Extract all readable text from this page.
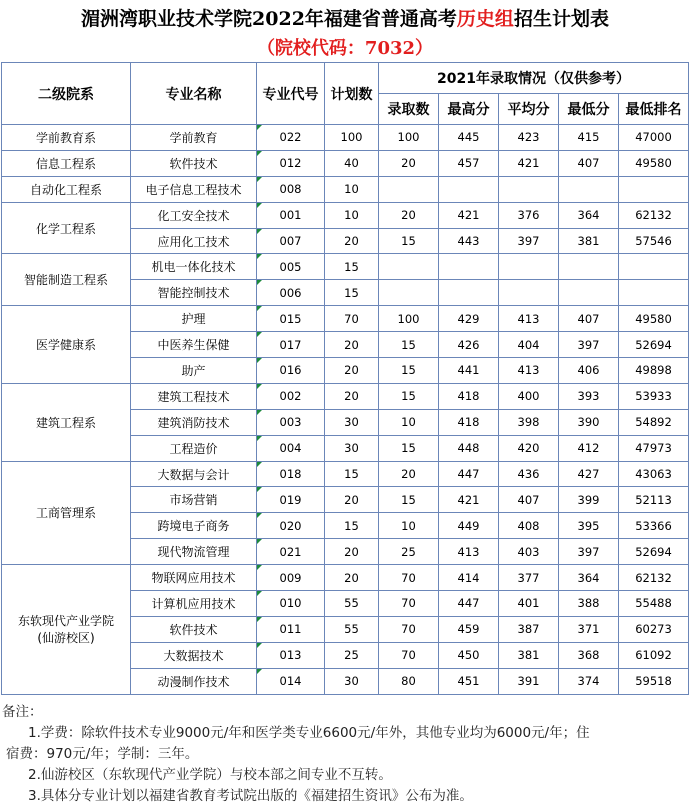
湄洲湾职业技术学院2022年福建省普通高考历史组招生计划表
（院校代码：7032）
二级院系	专业名称	专业代号	计划数	2021年录取情况（仅供参考）				
				录取数	最高分	平均分	最低分	最低排名

学前教育系	学前教育	022	100	100	445	423	415	47000

信息工程系	软件技术	012	40	20	457	421	407	49580

自动化工程系	电子信息工程技术	008	10					

化学工程系	化工安全技术	001	10	20	421	376	364	62132
	应用化工技术	007	20	15	443	397	381	57546

智能制造工程系	机电一体化技术	005	15					
	智能控制技术	006	15					

医学健康系	护理	015	70	100	429	413	407	49580
	中医养生保健	017	20	15	426	404	397	52694
	助产	016	20	15	441	413	406	49898

建筑工程系	建筑工程技术	002	20	15	418	400	393	53933
	建筑消防技术	003	30	10	418	398	390	54892
	工程造价	004	30	15	448	420	412	47973

工商管理系	大数据与会计	018	15	20	447	436	427	43063
	市场营销	019	20	15	421	407	399	52113
	跨境电子商务	020	15	10	449	408	395	53366
	现代物流管理	021	20	25	413	403	397	52694

东软现代产业学院
(仙游校区)	物联网应用技术	009	20	70	414	377	364	62132
	计算机应用技术	010	55	70	447	401	388	55488
	软件技术	011	55	70	459	387	371	60273
	大数据技术	013	25	70	450	381	368	61092
	动漫制作技术	014	30	80	451	391	374	59518
备注：
1.学费：除软件技术专业9000元/年和医学类专业6600元/年外，其他专业均为6000元/年；住
宿费：970元/年；学制：三年。
2.仙游校区（东软现代产业学院）与校本部之间专业不互转。
3.具体分专业计划以福建省教育考试院出版的《福建招生资讯》公布为准。
